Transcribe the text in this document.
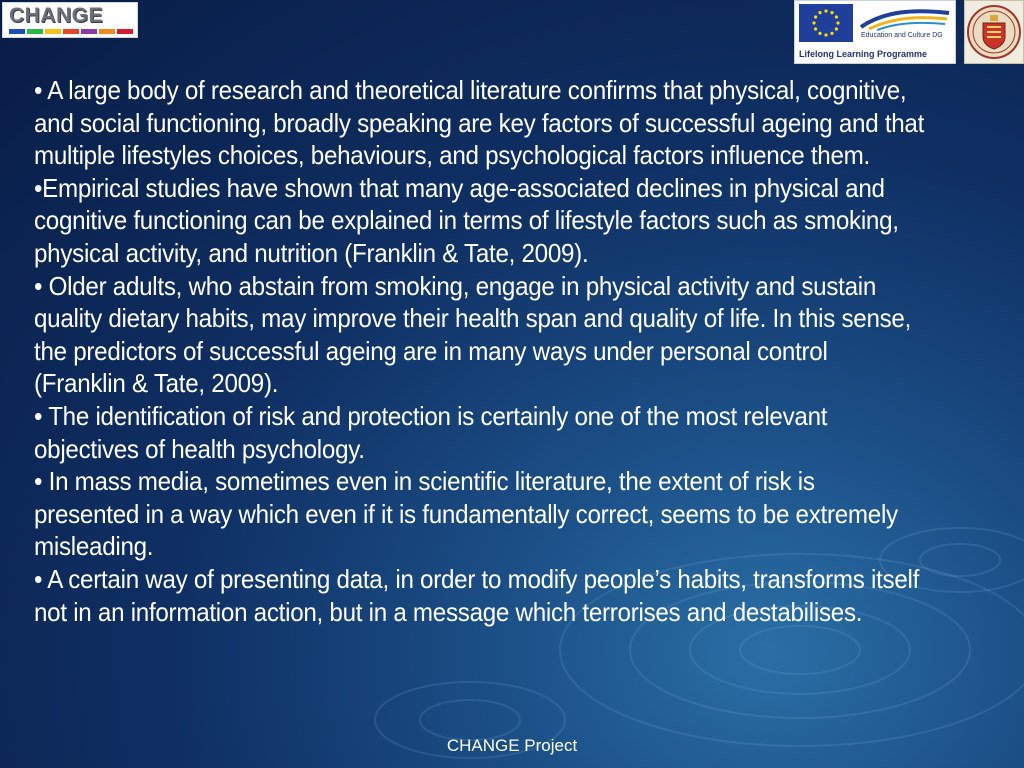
CHANGE
Education and Culture DG
Lifelong Learning Programme

• A large body of research and theoretical literature confirms that physical, cognitive, and social functioning, broadly speaking are key factors of successful ageing and that multiple lifestyles choices, behaviours, and psychological factors influence them.

•Empirical studies have shown that many age-associated declines in physical and cognitive functioning can be explained in terms of lifestyle factors such as smoking, physical activity, and nutrition (Franklin & Tate, 2009).

• Older adults, who abstain from smoking, engage in physical activity and sustain quality dietary habits, may improve their health span and quality of life. In this sense, the predictors of successful ageing are in many ways under personal control (Franklin & Tate, 2009).

• The identification of risk and protection is certainly one of the most relevant objectives of health psychology.

• In mass media, sometimes even in scientific literature, the extent of risk is presented in a way which even if it is fundamentally correct, seems to be extremely misleading.

• A certain way of presenting data, in order to modify people’s habits, transforms itself not in an information action, but in a message which terrorises and destabilises.

CHANGE Project
